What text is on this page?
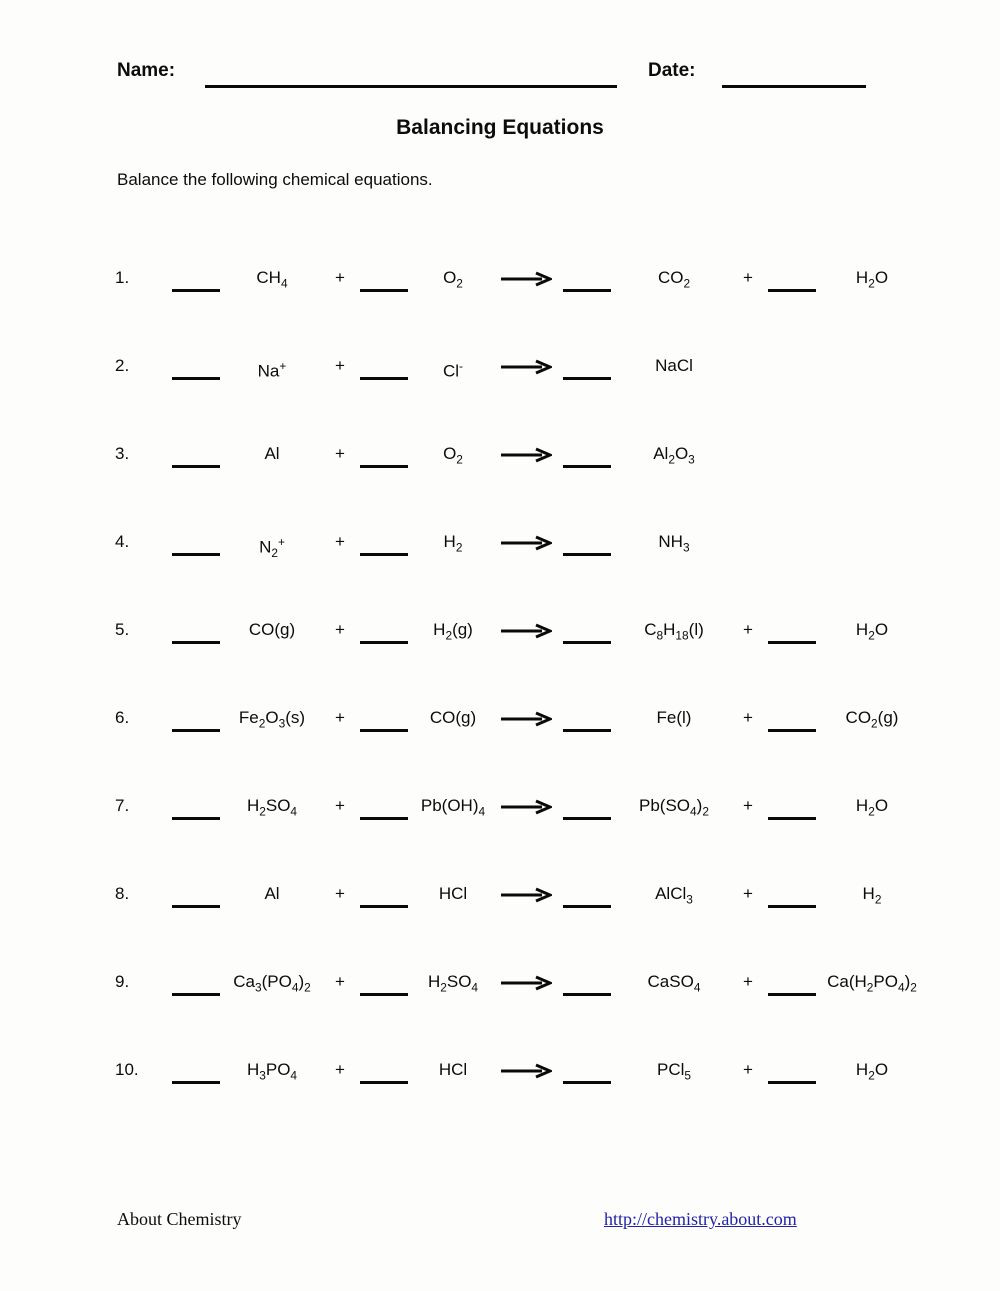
Name:	Date:
Balancing Equations
Balance the following chemical equations.
1.	$CH_4$	+	$O_2$	$CO_2$	+	$H_2O$
2.	Na+	+	Cl-	NaCl
3.	Al	+	$O_2$	$Al_2O_3$
4.	$N_2^+$	+	$H_2$	$NH_3$
5.	CO(g)	+	$H_2(g)$	$C_8H_{18}(l)$	+	$H_2O$
6.	$Fe_2O_3(s)$	+	CO(g)	→	Fe(l)	+	$CO_2(g)$
7.	$H_2SO_4$	+	$Pb(OH)_4$ →	$Pb(SO_4)_2$	+	$H_2O$
8.	Al	+	HCl	AlCl$_3$	+	$H_2$
9.	$Ca_3(PO_4)_2$	+	$H_2SO_4$	→	CaSO$_4$	+	$Ca(H_2PO_4)_2$
10.	$H_3PO_4$	+	HCl	PCl$_5$	+	$H_2O$
About Chemistry	http://chemistry.about.com
